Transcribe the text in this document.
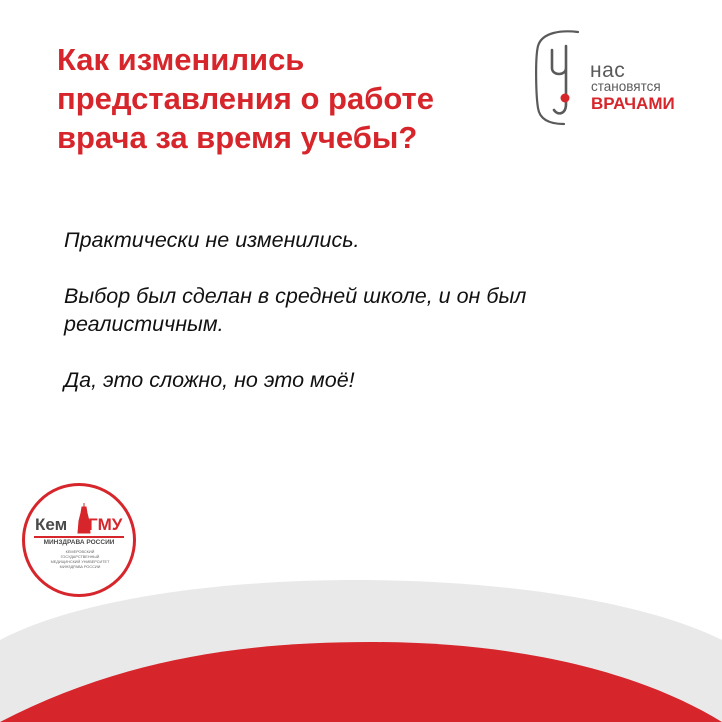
Как изменились
представления о работе
врача за время учебы?
нас
становятся
ВРАЧАМИ

Практически не изменились.

Выбор был сделан в средней школе, и он был

реалистичным.

Да, это сложно, но это моё!

Кем ГМУ
МИНЗДРАВА РОССИИ
КЕМЕРОВСКИЙ ГОСУДАРСТВЕННЫЙ МЕДИЦИНСКИЙ УНИВЕРСИТЕТ МИНЗДРАВА РОССИИ
